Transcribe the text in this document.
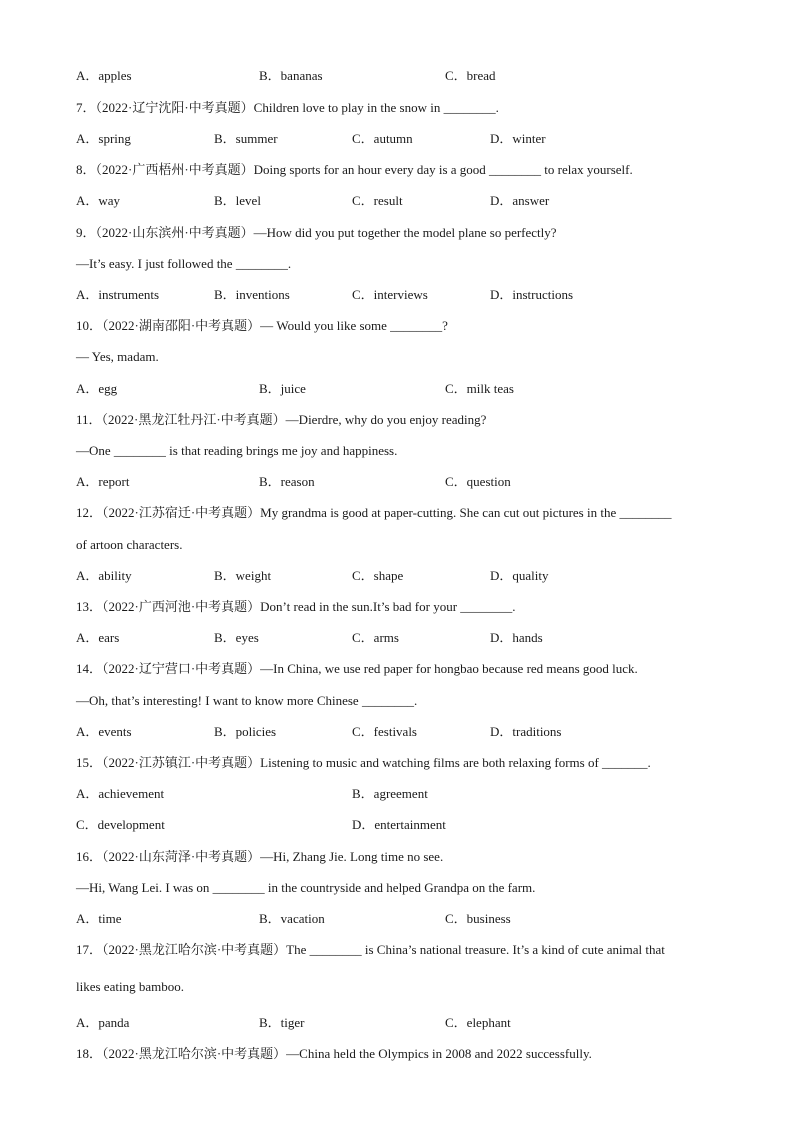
A．apples	B．bananas	C．bread
7．（2022·辽宁沈阳·中考真题）Children love to play in the snow in ________.
A．spring	B．summer	C．autumn	D．winter
8．（2022·广西梧州·中考真题）Doing sports for an hour every day is a good ________ to relax yourself.
A．way	B．level	C．result	D．answer
9．（2022·山东滨州·中考真题）—How did you put together the model plane so perfectly?
—It’s easy. I just followed the ________.
A．instruments	B．inventions	C．interviews	D．instructions
10．（2022·湖南邵阳·中考真题）— Would you like some ________?
— Yes, madam.
A．egg	B．juice	C．milk teas
11．（2022·黑龙江牡丹江·中考真题）—Dierdre, why do you enjoy reading?
—One ________ is that reading brings me joy and happiness.
A．report	B．reason	C．question
12．（2022·江苏宿迁·中考真题）My grandma is good at paper-cutting. She can cut out pictures in the ________
of artoon characters.
A．ability	B．weight	C．shape	D．quality
13．（2022·广西河池·中考真题）Don’t read in the sun.It’s bad for your ________.
A．ears	B．eyes	C．arms	D．hands
14．（2022·辽宁营口·中考真题）—In China, we use red paper for hongbao because red means good luck.
—Oh, that’s interesting! I want to know more Chinese ________.
A．events	B．policies	C．festivals	D．traditions
15．（2022·江苏镇江·中考真题）Listening to music and watching films are both relaxing forms of _______.
A．achievement	B．agreement
C．development	D．entertainment
16．（2022·山东菏泽·中考真题）—Hi, Zhang Jie. Long time no see.
—Hi, Wang Lei. I was on ________ in the countryside and helped Grandpa on the farm.
A．time	B．vacation	C．business
17．（2022·黑龙江哈尔滨·中考真题）The ________ is China’s national treasure. It’s a kind of cute animal that
likes eating bamboo.
A．panda	B．tiger	C．elephant
18．（2022·黑龙江哈尔滨·中考真题）—China held the Olympics in 2008 and 2022 successfully.
